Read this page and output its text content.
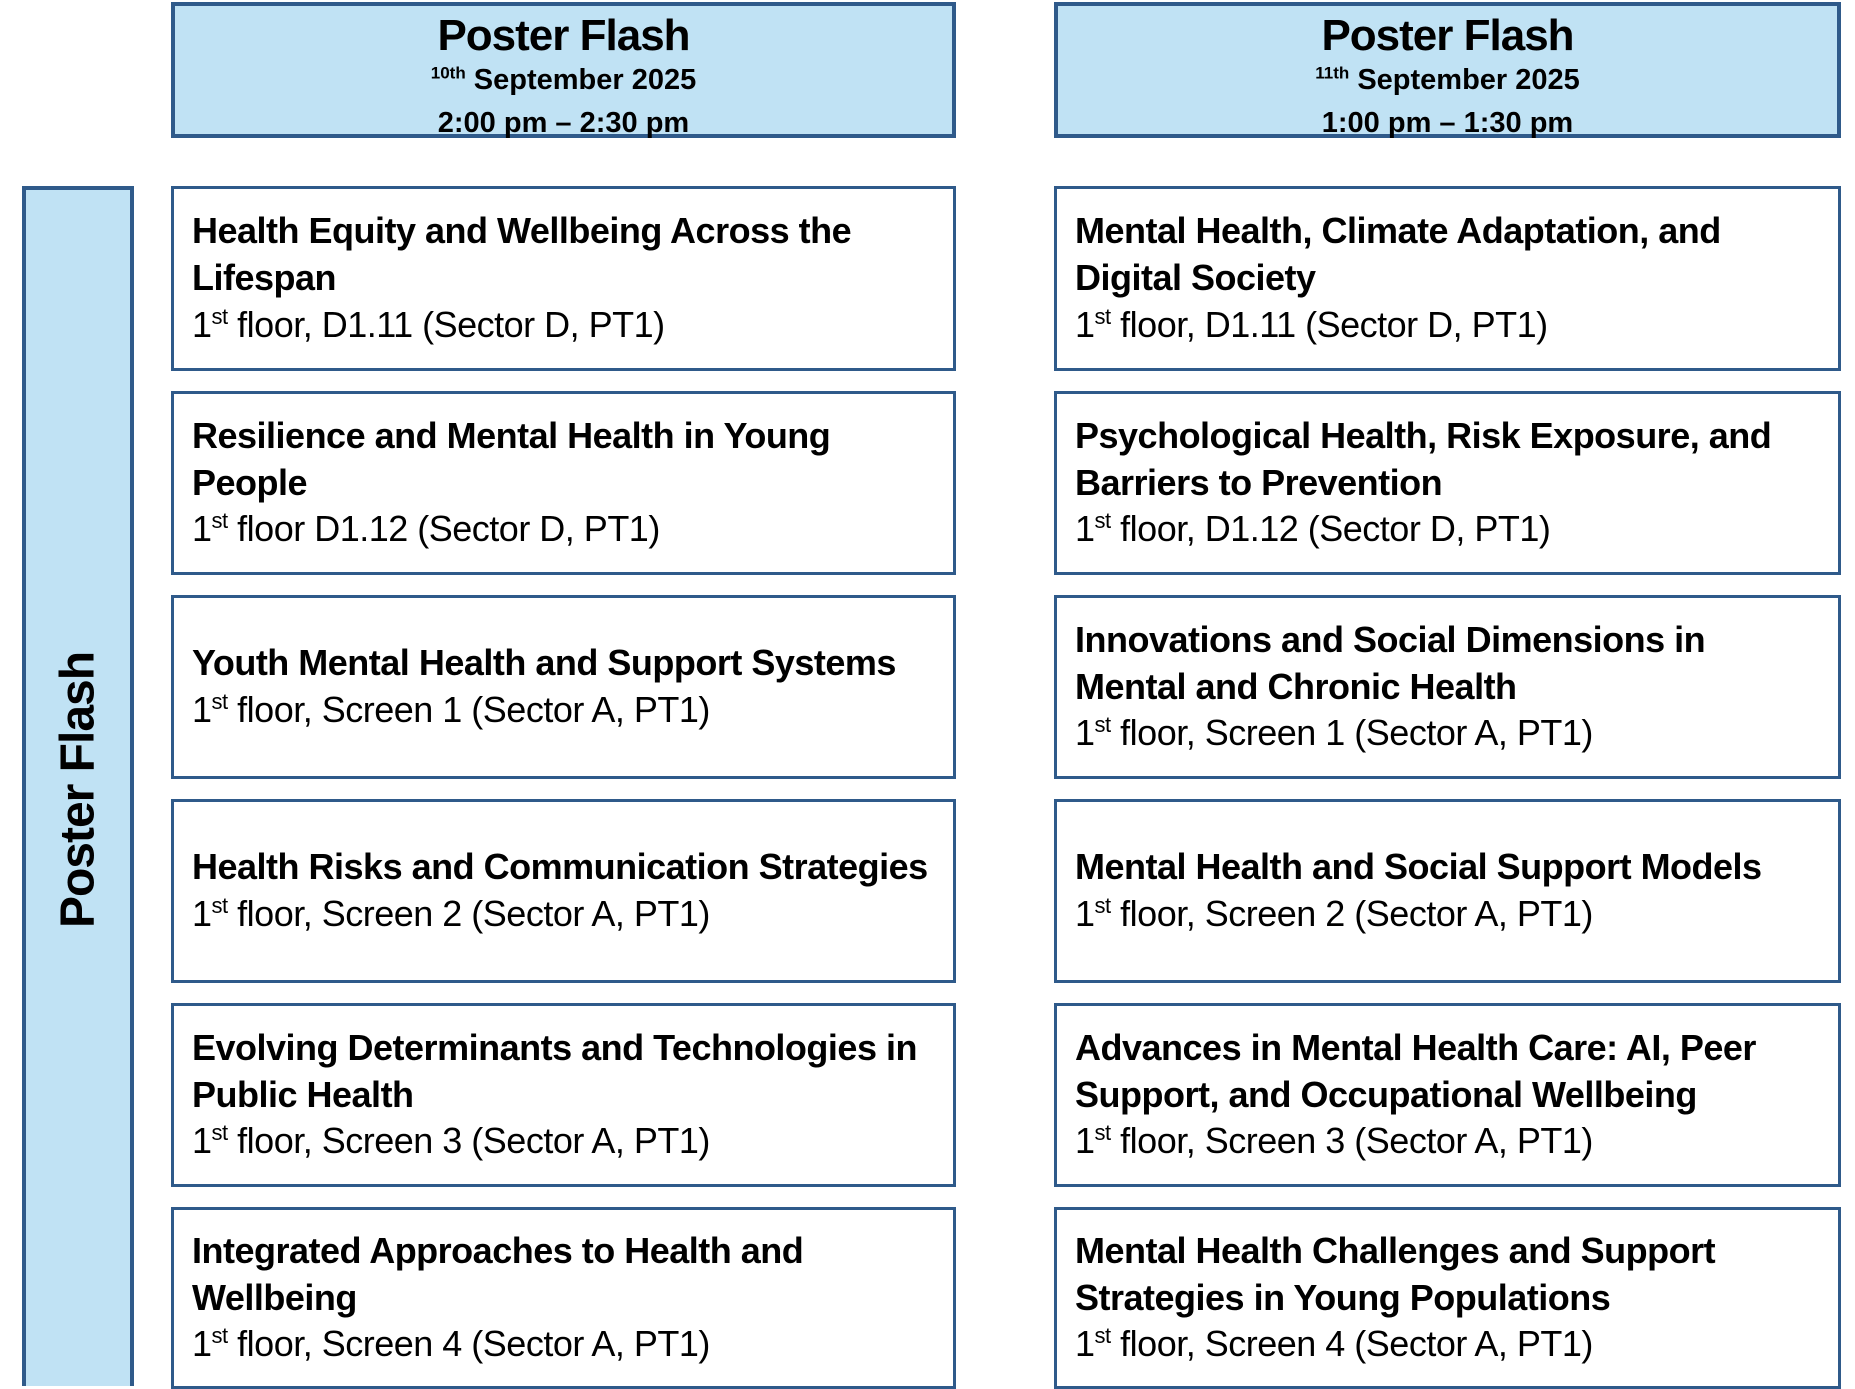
Poster Flash
$^{10th}$ September 2025
2:00 pm – 2:30 pm
Poster Flash
$^{11th}$ September 2025
1:00 pm – 1:30 pm
Poster Flash
Health Equity and Wellbeing Across the Lifespan
1st floor, D1.11 (Sector D, PT1)
Resilience and Mental Health in Young People
1st floor D1.12 (Sector D, PT1)
Youth Mental Health and Support Systems
1st floor, Screen 1 (Sector A, PT1)
Health Risks and Communication Strategies
1st floor, Screen 2 (Sector A, PT1)
Evolving Determinants and Technologies in Public Health
1st floor, Screen 3 (Sector A, PT1)
Integrated Approaches to Health and Wellbeing
1st floor, Screen 4 (Sector A, PT1)
Mental Health, Climate Adaptation, and Digital Society
1st floor, D1.11 (Sector D, PT1)
Psychological Health, Risk Exposure, and Barriers to Prevention
1st floor, D1.12 (Sector D, PT1)
Innovations and Social Dimensions in Mental and Chronic Health
1st floor, Screen 1 (Sector A, PT1)
Mental Health and Social Support Models
1st floor, Screen 2 (Sector A, PT1)
Advances in Mental Health Care: AI, Peer Support, and Occupational Wellbeing
1st floor, Screen 3 (Sector A, PT1)
Mental Health Challenges and Support Strategies in Young Populations
1st floor, Screen 4 (Sector A, PT1)
